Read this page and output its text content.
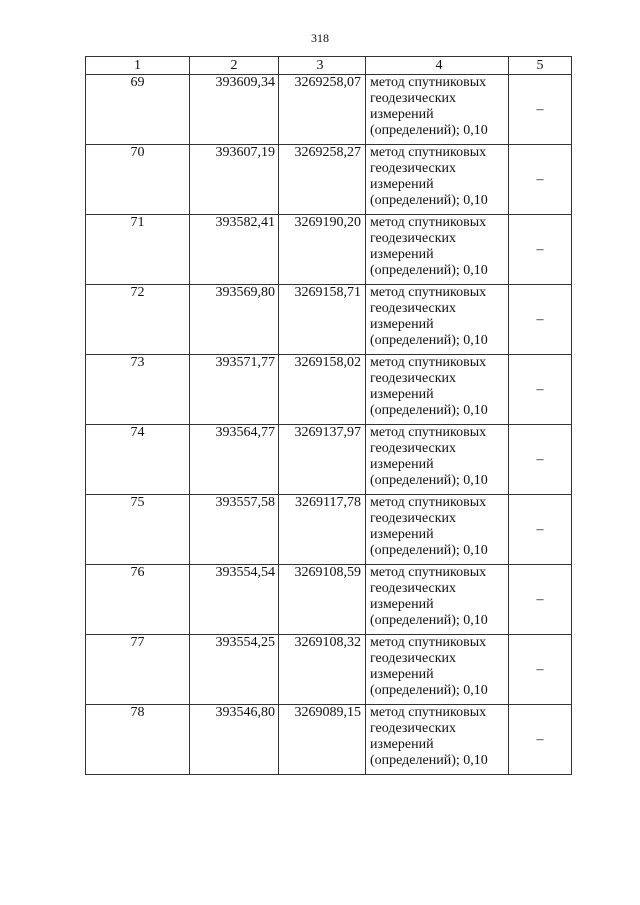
318
1	2	3	4	5
69	393609,34	3269258,07	метод спутниковых
геодезических
измерений
(определений); 0,10	–
70	393607,19	3269258,27	метод спутниковых
геодезических
измерений
(определений); 0,10	–
71	393582,41	3269190,20	метод спутниковых
геодезических
измерений
(определений); 0,10	–
72	393569,80	3269158,71	метод спутниковых
геодезических
измерений
(определений); 0,10	–
73	393571,77	3269158,02	метод спутниковых
геодезических
измерений
(определений); 0,10	–
74	393564,77	3269137,97	метод спутниковых
геодезических
измерений
(определений); 0,10	–
75	393557,58	3269117,78	метод спутниковых
геодезических
измерений
(определений); 0,10	–
76	393554,54	3269108,59	метод спутниковых
геодезических
измерений
(определений); 0,10	–
77	393554,25	3269108,32	метод спутниковых
геодезических
измерений
(определений); 0,10	–
78	393546,80	3269089,15	метод спутниковых
геодезических
измерений
(определений); 0,10	–
